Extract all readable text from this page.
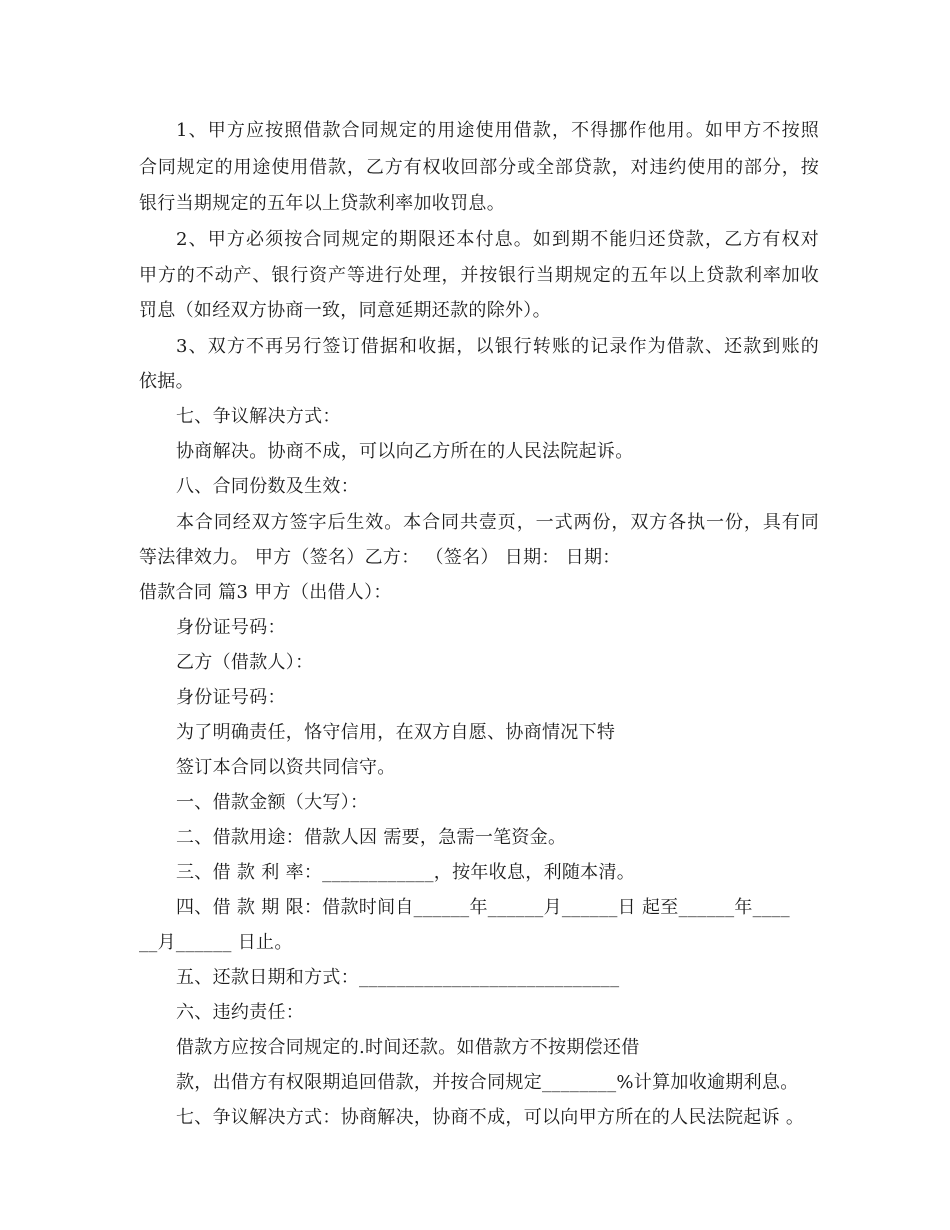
1、甲方应按照借款合同规定的用途使用借款，不得挪作他用。如甲方不按照
合同规定的用途使用借款，乙方有权收回部分或全部贷款，对违约使用的部分，按
银行当期规定的五年以上贷款利率加收罚息。
2、甲方必须按合同规定的期限还本付息。如到期不能归还贷款，乙方有权对
甲方的不动产、银行资产等进行处理，并按银行当期规定的五年以上贷款利率加收
罚息（如经双方协商一致，同意延期还款的除外）。
3、双方不再另行签订借据和收据，以银行转账的记录作为借款、还款到账的
依据。
七、争议解决方式：
协商解决。协商不成，可以向乙方所在的人民法院起诉。
八、合同份数及生效：
本合同经双方签字后生效。本合同共壹页，一式两份，双方各执一份，具有同
等法律效力。 甲方（签名）乙方： （签名） 日期： 日期：
借款合同 篇3 甲方（出借人）：
身份证号码：
乙方（借款人）：
身份证号码：
为了明确责任，恪守信用，在双方自愿、协商情况下特
签订本合同以资共同信守。
一、借款金额（大写）：
二、借款用途：借款人因 需要，急需一笔资金。
三、借 款 利 率：____________，按年收息，利随本清。
四、借 款 期 限：借款时间自______年______月______日 起至______年____
__月______ 日止。
五、还款日期和方式：____________________________
六、违约责任：
借款方应按合同规定的.时间还款。如借款方不按期偿还借
款，出借方有权限期追回借款，并按合同规定________%计算加收逾期利息。
七、争议解决方式：协商解决，协商不成，可以向甲方所在的人民法院起诉 。
